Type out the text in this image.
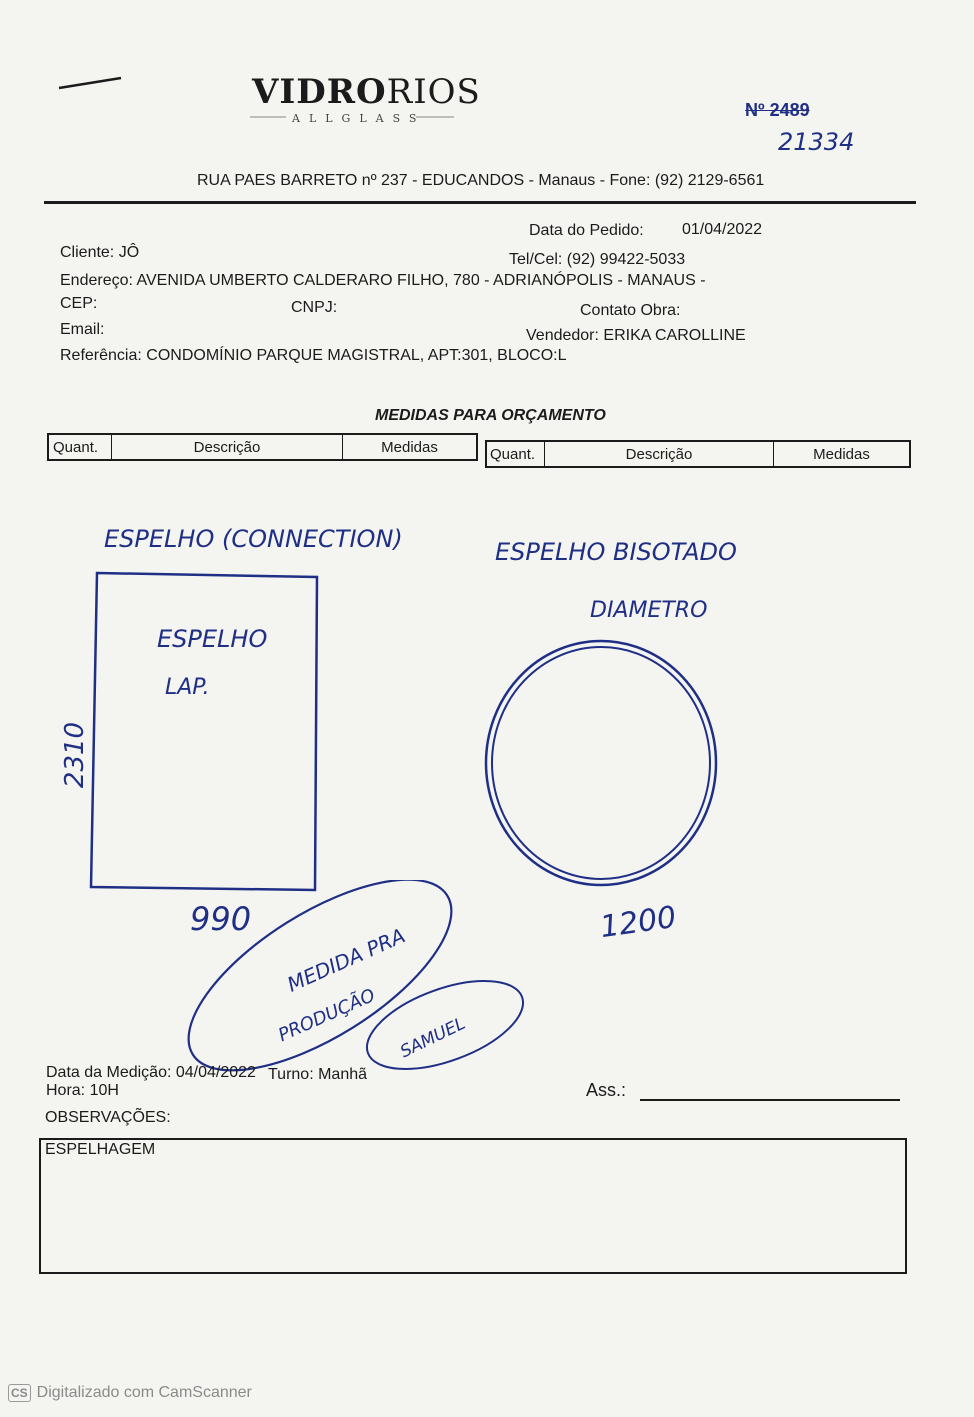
VIDRORIOS
ALLGLASS	Nº 2489
21334
RUA PAES BARRETO nº 237 - EDUCANDOS - Manaus - Fone: (92) 2129-6561
Data do Pedido: 01/04/2022
Cliente: JÔ	Tel/Cel: (92) 99422-5033
Endereço: AVENIDA UMBERTO CALDERARO FILHO, 780 - ADRIANÓPOLIS - MANAUS -
CEP:	CNPJ:	Contato Obra:
Email:	Vendedor: ERIKA CAROLLINE
Referência: CONDOMÍNIO PARQUE MAGISTRAL, APT:301, BLOCO:L
MEDIDAS PARA ORÇAMENTO
Quant.	Descrição	Medidas	Quant.	Descrição	Medidas
ESPELHO (CONNECTION)
ESPELHO
LAP.
2310
990
ESPELHO BISOTADO
DIAMETRO
1200
MEDIDA PRA
PRODUÇÃO SAMUEL
Data da Medição: 04/04/2022 Turno: Manhã
Hora: 10H	Ass.:
OBSERVAÇÕES:
ESPELHAGEM
CS Digitalizado com CamScanner
